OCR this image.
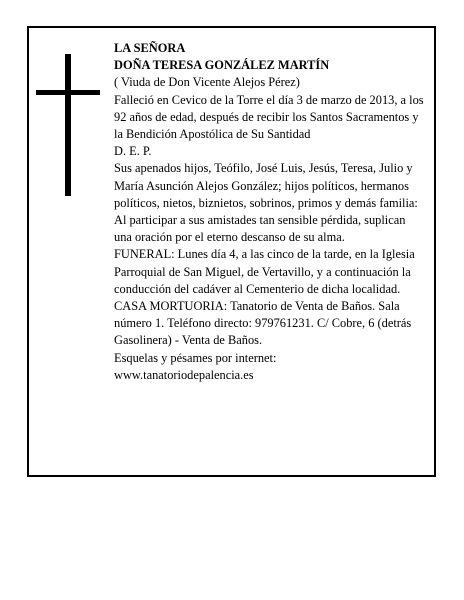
LA SEÑORA

DOÑA TERESA GONZÁLEZ MARTÍN

( Viuda de Don Vicente Alejos Pérez)

Falleció en Cevico de la Torre el día 3 de marzo de 2013, a los 92 años de edad, después de recibir los Santos Sacramentos y la Bendición Apostólica de Su Santidad

D. E. P.

Sus apenados hijos, Teófilo, José Luis, Jesús, Teresa, Julio y María Asunción Alejos González; hijos políticos, hermanos políticos, nietos, biznietos, sobrinos, primos y demás familia:

Al participar a sus amistades tan sensible pérdida, suplican una oración por el eterno descanso de su alma.

FUNERAL: Lunes día 4, a las cinco de la tarde, en la Iglesia Parroquial de San Miguel, de Vertavillo, y a continuación la conducción del cadáver al Cementerio de dicha localidad.

CASA MORTUORIA: Tanatorio de Venta de Baños. Sala número 1. Teléfono directo: 979761231. C/ Cobre, 6 (detrás Gasolinera) - Venta de Baños.

Esquelas y pésames por internet:

www.tanatoriodepalencia.es
